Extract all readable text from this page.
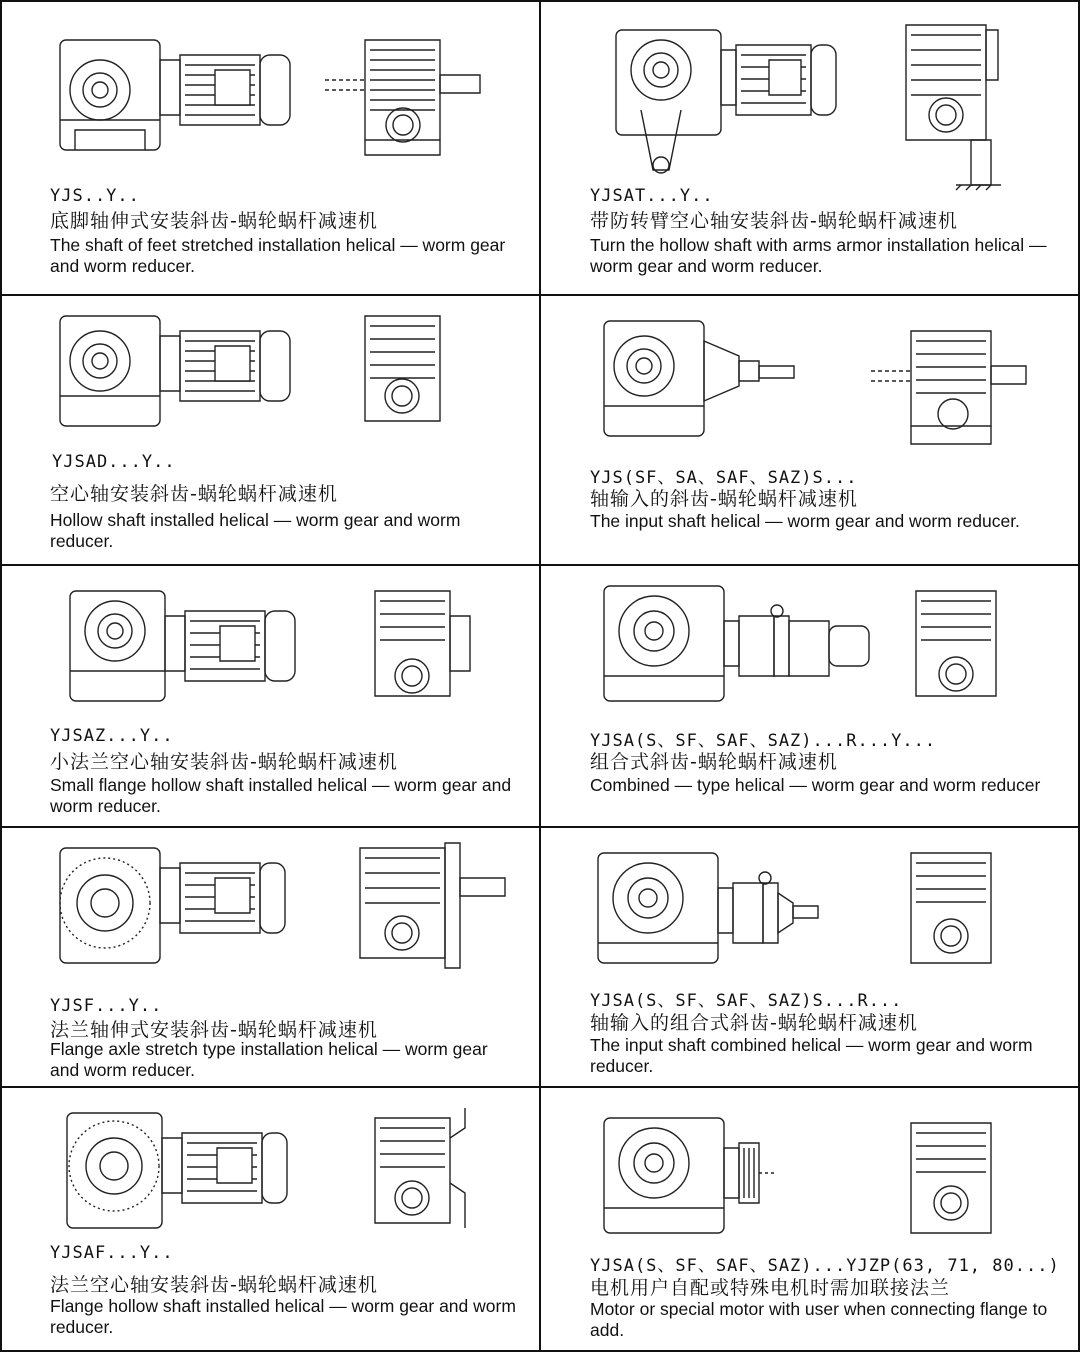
YJS..Y..
底脚轴伸式安装斜齿-蜗轮蜗杆减速机
The shaft of feet stretched installation helical — worm gear and worm reducer.
YJSAT...Y..
带防转臂空心轴安装斜齿-蜗轮蜗杆减速机
Turn the hollow shaft with arms armor installation helical — worm gear and worm reducer.
YJSAD...Y..
空心轴安装斜齿-蜗轮蜗杆减速机
Hollow shaft installed helical — worm gear and worm reducer.
YJS(SF、SA、SAF、SAZ)S...
轴输入的斜齿-蜗轮蜗杆减速机
The input shaft helical — worm gear and worm reducer.
YJSAZ...Y..
小法兰空心轴安装斜齿-蜗轮蜗杆减速机
Small flange hollow shaft installed helical — worm gear and worm reducer.
YJSA(S、SF、SAF、SAZ)...R...Y...
组合式斜齿-蜗轮蜗杆减速机
Combined — type helical — worm gear and worm reducer
YJSF...Y..
法兰轴伸式安装斜齿-蜗轮蜗杆减速机
Flange axle stretch type installation helical — worm gear and worm reducer.
YJSA(S、SF、SAF、SAZ)S...R...
轴输入的组合式斜齿-蜗轮蜗杆减速机
The input shaft combined helical — worm gear and worm reducer.
YJSAF...Y..
法兰空心轴安装斜齿-蜗轮蜗杆减速机
Flange hollow shaft installed helical — worm gear and worm reducer.
YJSA(S、SF、SAF、SAZ)...YJZP(63, 71, 80...)
电机用户自配或特殊电机时需加联接法兰
Motor or special motor with user when connecting flange to add.
